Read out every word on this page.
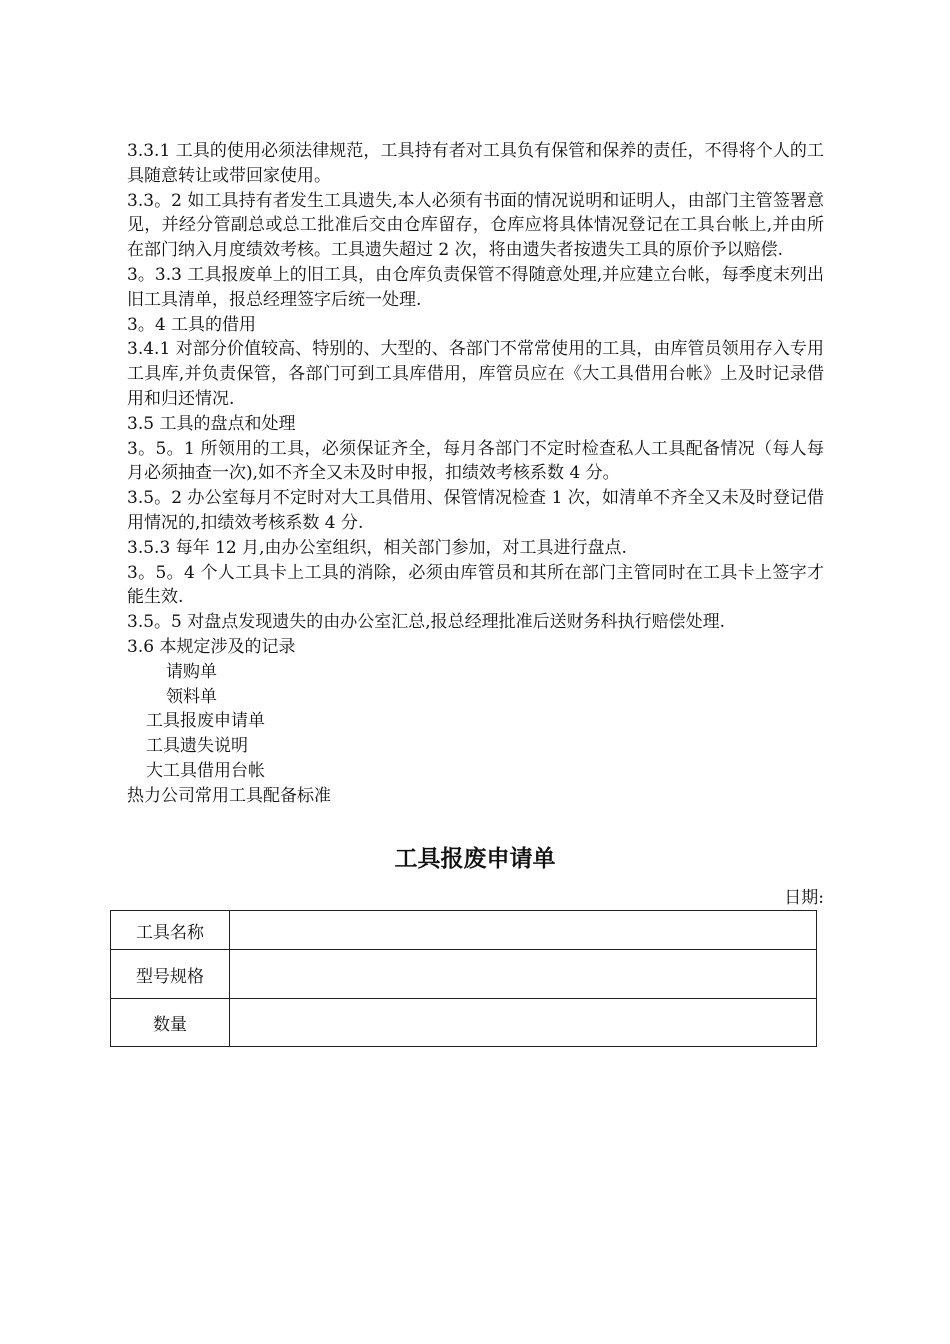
3.3.1 工具的使用必须法律规范，工具持有者对工具负有保管和保养的责任，不得将个人的工具随意转让或带回家使用。

3.3。2 如工具持有者发生工具遗失,本人必须有书面的情况说明和证明人，由部门主管签署意见，并经分管副总或总工批准后交由仓库留存，仓库应将具体情况登记在工具台帐上,并由所在部门纳入月度绩效考核。工具遗失超过 2 次，将由遗失者按遗失工具的原价予以赔偿.

3。3.3 工具报废单上的旧工具，由仓库负责保管不得随意处理,并应建立台帐，每季度末列出旧工具清单，报总经理签字后统一处理.

3。4 工具的借用

3.4.1 对部分价值较高、特别的、大型的、各部门不常常使用的工具，由库管员领用存入专用工具库,并负责保管，各部门可到工具库借用，库管员应在《大工具借用台帐》上及时记录借用和归还情况.

3.5 工具的盘点和处理

3。5。1 所领用的工具，必须保证齐全，每月各部门不定时检查私人工具配备情况（每人每月必须抽查一次),如不齐全又未及时申报，扣绩效考核系数 4 分。

3.5。2 办公室每月不定时对大工具借用、保管情况检查 1 次，如清单不齐全又未及时登记借用情况的,扣绩效考核系数 4 分.

3.5.3 每年 12 月,由办公室组织，相关部门参加，对工具进行盘点.

3。5。4 个人工具卡上工具的消除，必须由库管员和其所在部门主管同时在工具卡上签字才能生效.

3.5。5 对盘点发现遗失的由办公室汇总,报总经理批准后送财务科执行赔偿处理.

3.6 本规定涉及的记录

请购单

领料单

工具报废申请单

工具遗失说明

大工具借用台帐

热力公司常用工具配备标准

工具报废申请单
日期:
工具名称	
型号规格	
数量	
